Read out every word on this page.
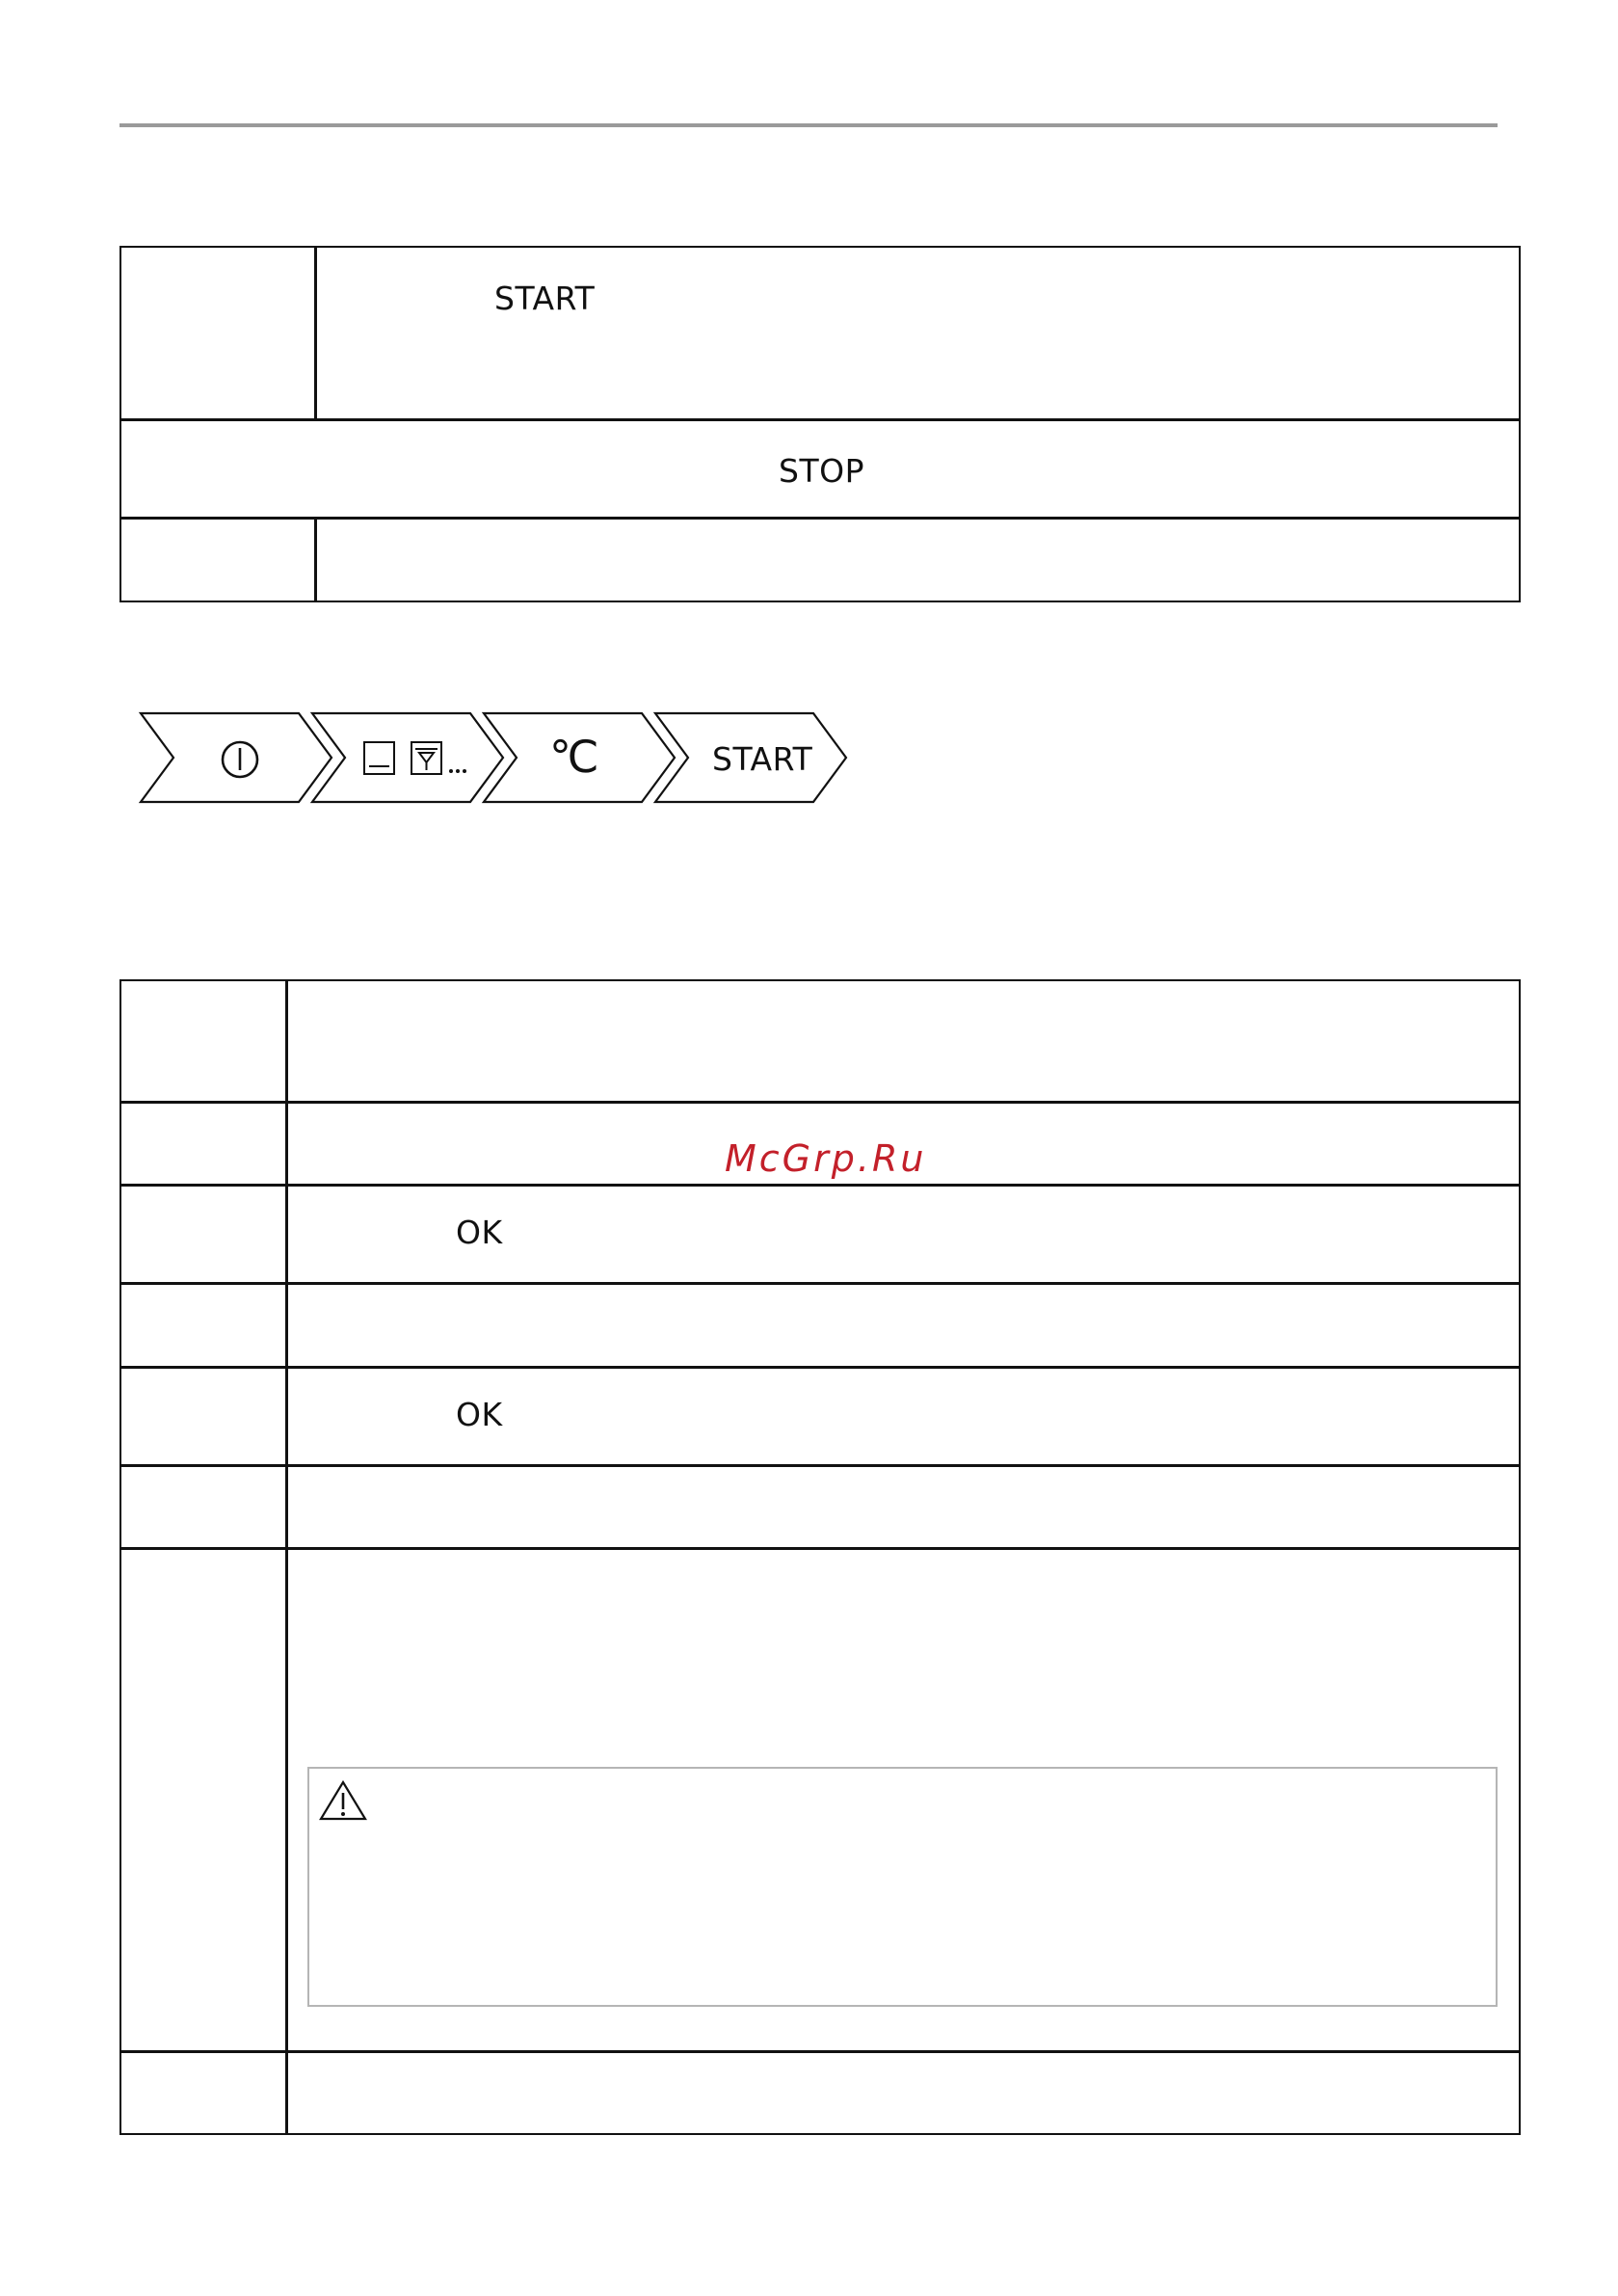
START
STOP
℃	START
OK
OK
McGrp.Ru
